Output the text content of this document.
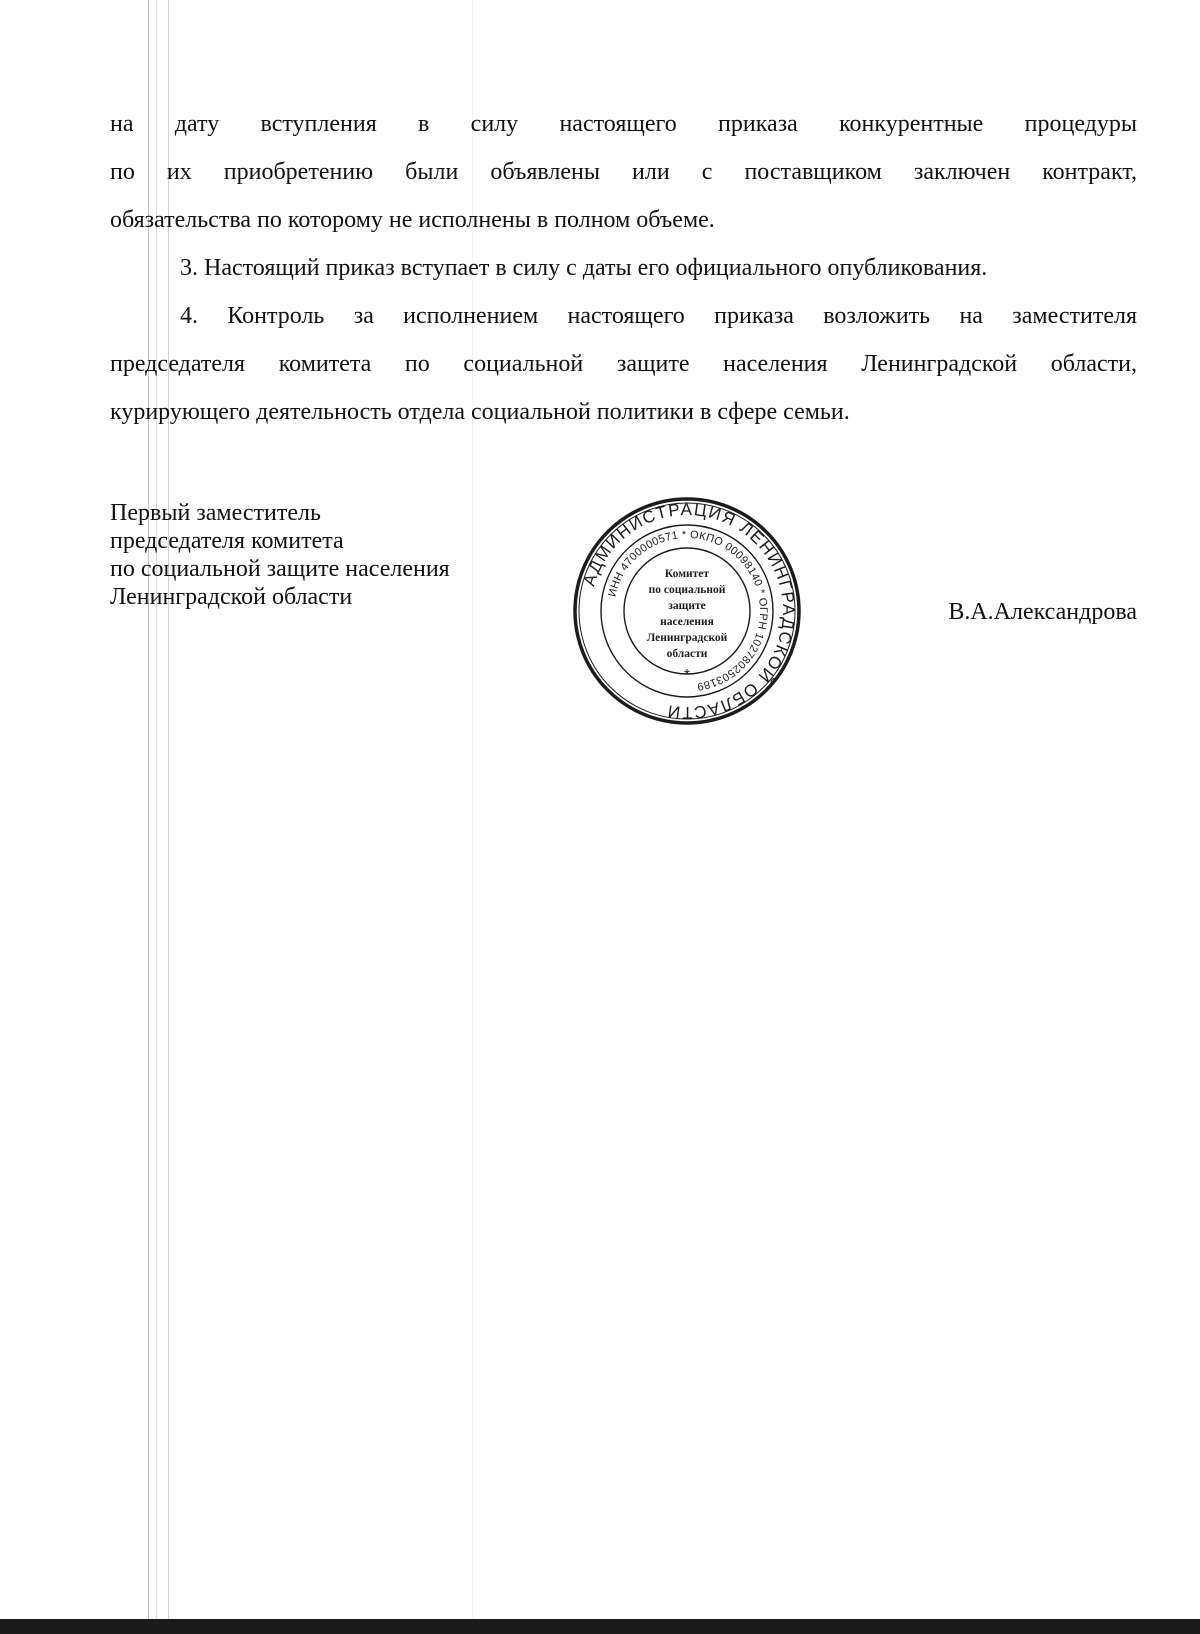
на дату вступления в силу настоящего приказа конкурентные процедуры
по их приобретению были объявлены или с поставщиком заключен контракт,
обязательства по которому не исполнены в полном объеме.
3. Настоящий приказ вступает в силу с даты его официального опубликования.
4. Контроль за исполнением настоящего приказа возложить на заместителя
председателя комитета по социальной защите населения Ленинградской области,
курирующего деятельность отдела социальной политики в сфере семьи.
Первый заместитель
председателя комитета
по социальной защите населения
Ленинградской области
АДМИНИСТРАЦИЯ ЛЕНИНГРАДСКОЙ ОБЛАСТИ
ИНН 4700000571 * ОКПО 00098140 * ОГРН 1027802503189
Комитет
по социальной
защите
населения
Ленинградской
области
*
В.А.Александрова
